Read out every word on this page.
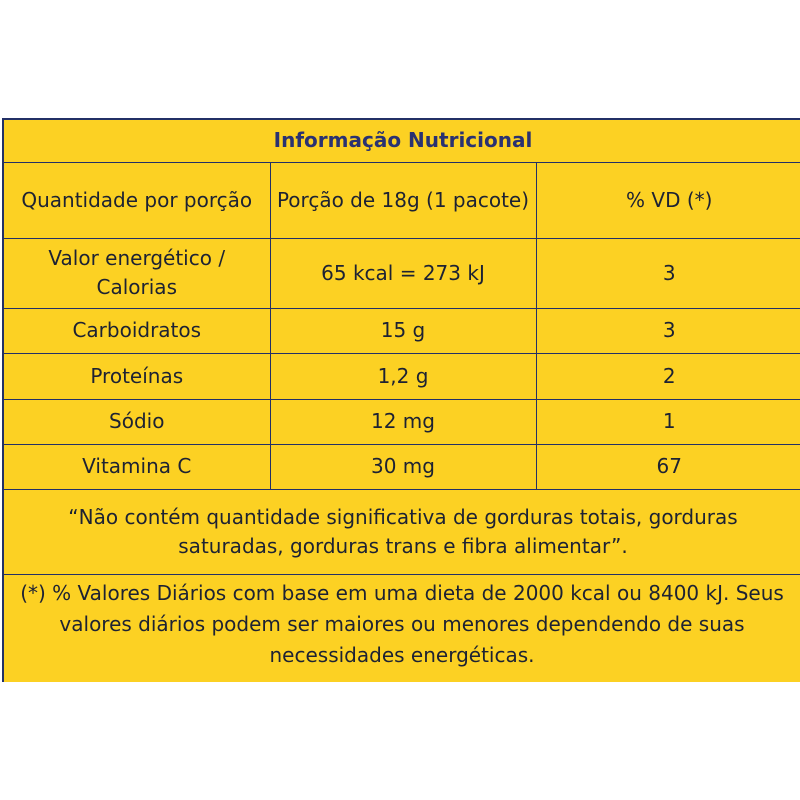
Informação Nutricional		
Quantidade por porção	Porção de 18g (1 pacote)	% VD (*)
Valor energético / Calorias	65 kcal = 273 kJ	3
Carboidratos	15 g	3
Proteínas	1,2 g	2
Sódio	12 mg	1
Vitamina C	30 mg	67
“Não contém quantidade significativa de gorduras totais, gorduras saturadas, gorduras trans e fibra alimentar”.		
(*) % Valores Diários com base em uma dieta de 2000 kcal ou 8400 kJ. Seus valores diários podem ser maiores ou menores dependendo de suas necessidades energéticas.
